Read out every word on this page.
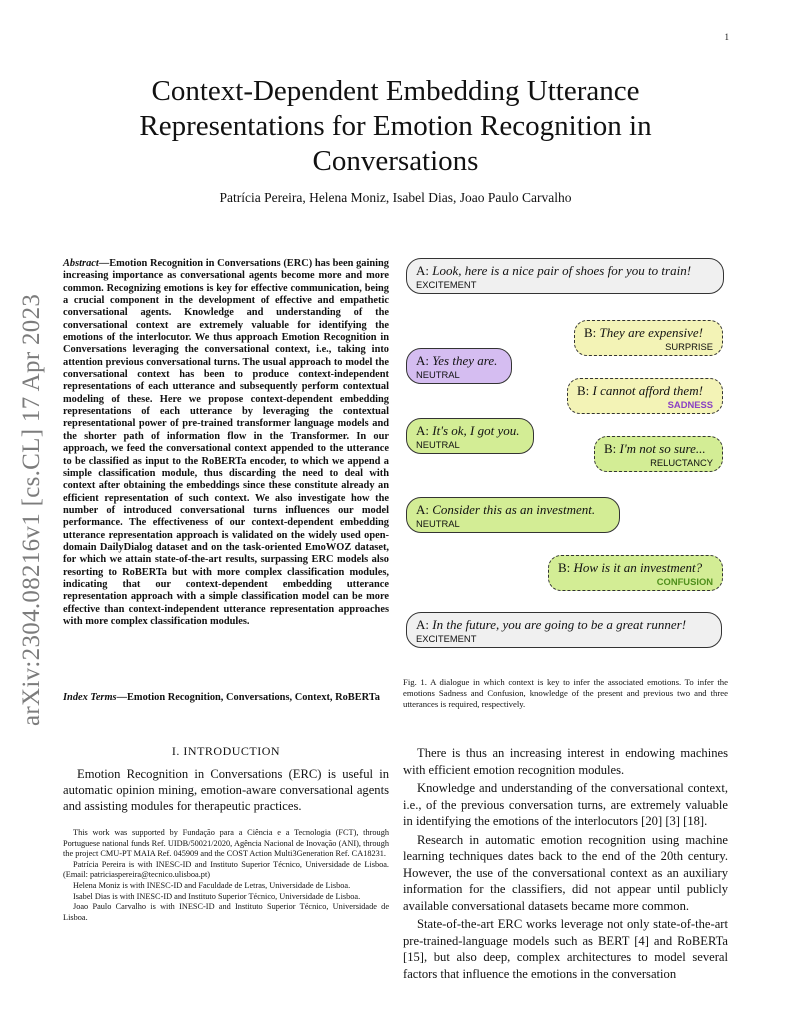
1
arXiv:2304.08216v1 [cs.CL] 17 Apr 2023
Context-Dependent Embedding Utterance
Representations for Emotion Recognition in
Conversations
Patrícia Pereira, Helena Moniz, Isabel Dias, Joao Paulo Carvalho
Abstract—Emotion Recognition in Conversations (ERC) has been gaining increasing importance as conversational agents become more and more common. Recognizing emotions is key for effective communication, being a crucial component in the development of effective and empathetic conversational agents. Knowledge and understanding of the conversational context are extremely valuable for identifying the emotions of the interlocutor. We thus approach Emotion Recognition in Conversations leveraging the conversational context, i.e., taking into attention previous conversational turns. The usual approach to model the conversational context has been to produce context-independent representations of each utterance and subsequently perform contextual modeling of these. Here we propose context-dependent embedding representations of each utterance by leveraging the contextual representational power of pre-trained transformer language models and the shorter path of information flow in the Transformer. In our approach, we feed the conversational context appended to the utterance to be classified as input to the RoBERTa encoder, to which we append a simple classification module, thus discarding the need to deal with context after obtaining the embeddings since these constitute already an efficient representation of such context. We also investigate how the number of introduced conversational turns influences our model performance. The effectiveness of our context-dependent embedding utterance representation approach is validated on the widely used open-domain DailyDialog dataset and on the task-oriented EmoWOZ dataset, for which we attain state-of-the-art results, surpassing ERC models also resorting to RoBERTa but with more complex classification modules, indicating that our context-dependent embedding utterance representation approach with a simple classification model can be more effective than context-independent utterance representation approaches with more complex classification modules.
Index Terms—Emotion Recognition, Conversations, Context, RoBERTa
I. INTRODUCTION
Emotion Recognition in Conversations (ERC) is useful in automatic opinion mining, emotion-aware conversational agents and assisting modules for therapeutic practices.

This work was supported by Fundação para a Ciência e a Tecnologia (FCT), through Portuguese national funds Ref. UIDB/50021/2020, Agência Nacional de Inovação (ANI), through the project CMU-PT MAIA Ref. 045909 and the COST Action Multi3Generation Ref. CA18231.

Patrícia Pereira is with INESC-ID and Instituto Superior Técnico, Universidade de Lisboa. (Email: patriciaspereira@tecnico.ulisboa.pt)

Helena Moniz is with INESC-ID and Faculdade de Letras, Universidade de Lisboa.

Isabel Dias is with INESC-ID and Instituto Superior Técnico, Universidade de Lisboa.

Joao Paulo Carvalho is with INESC-ID and Instituto Superior Técnico, Universidade de Lisboa.

A: Look, here is a nice pair of shoes for you to train!
EXCITEMENT
B: They are expensive!
SURPRISE
A: Yes they are.
NEUTRAL
B: I cannot afford them!
SADNESS
A: It's ok, I got you.
NEUTRAL	B: I'm not so sure...
RELUCTANCY
A: Consider this as an investment.
NEUTRAL
B: How is it an investment?
CONFUSION
A: In the future, you are going to be a great runner!
EXCITEMENT
Fig. 1. A dialogue in which context is key to infer the associated emotions. To infer the emotions Sadness and Confusion, knowledge of the present and previous two and three utterances is required, respectively.

There is thus an increasing interest in endowing machines with efficient emotion recognition modules.

Knowledge and understanding of the conversational context, i.e., of the previous conversation turns, are extremely valuable in identifying the emotions of the interlocutors [20] [3] [18].

Research in automatic emotion recognition using machine learning techniques dates back to the end of the 20th century. However, the use of the conversational context as an auxiliary information for the classifiers, did not appear until publicly available conversational datasets became more common.

State-of-the-art ERC works leverage not only state-of-the-art pre-trained-language models such as BERT [4] and RoBERTa [15], but also deep, complex architectures to model several factors that influence the emotions in the conversation
